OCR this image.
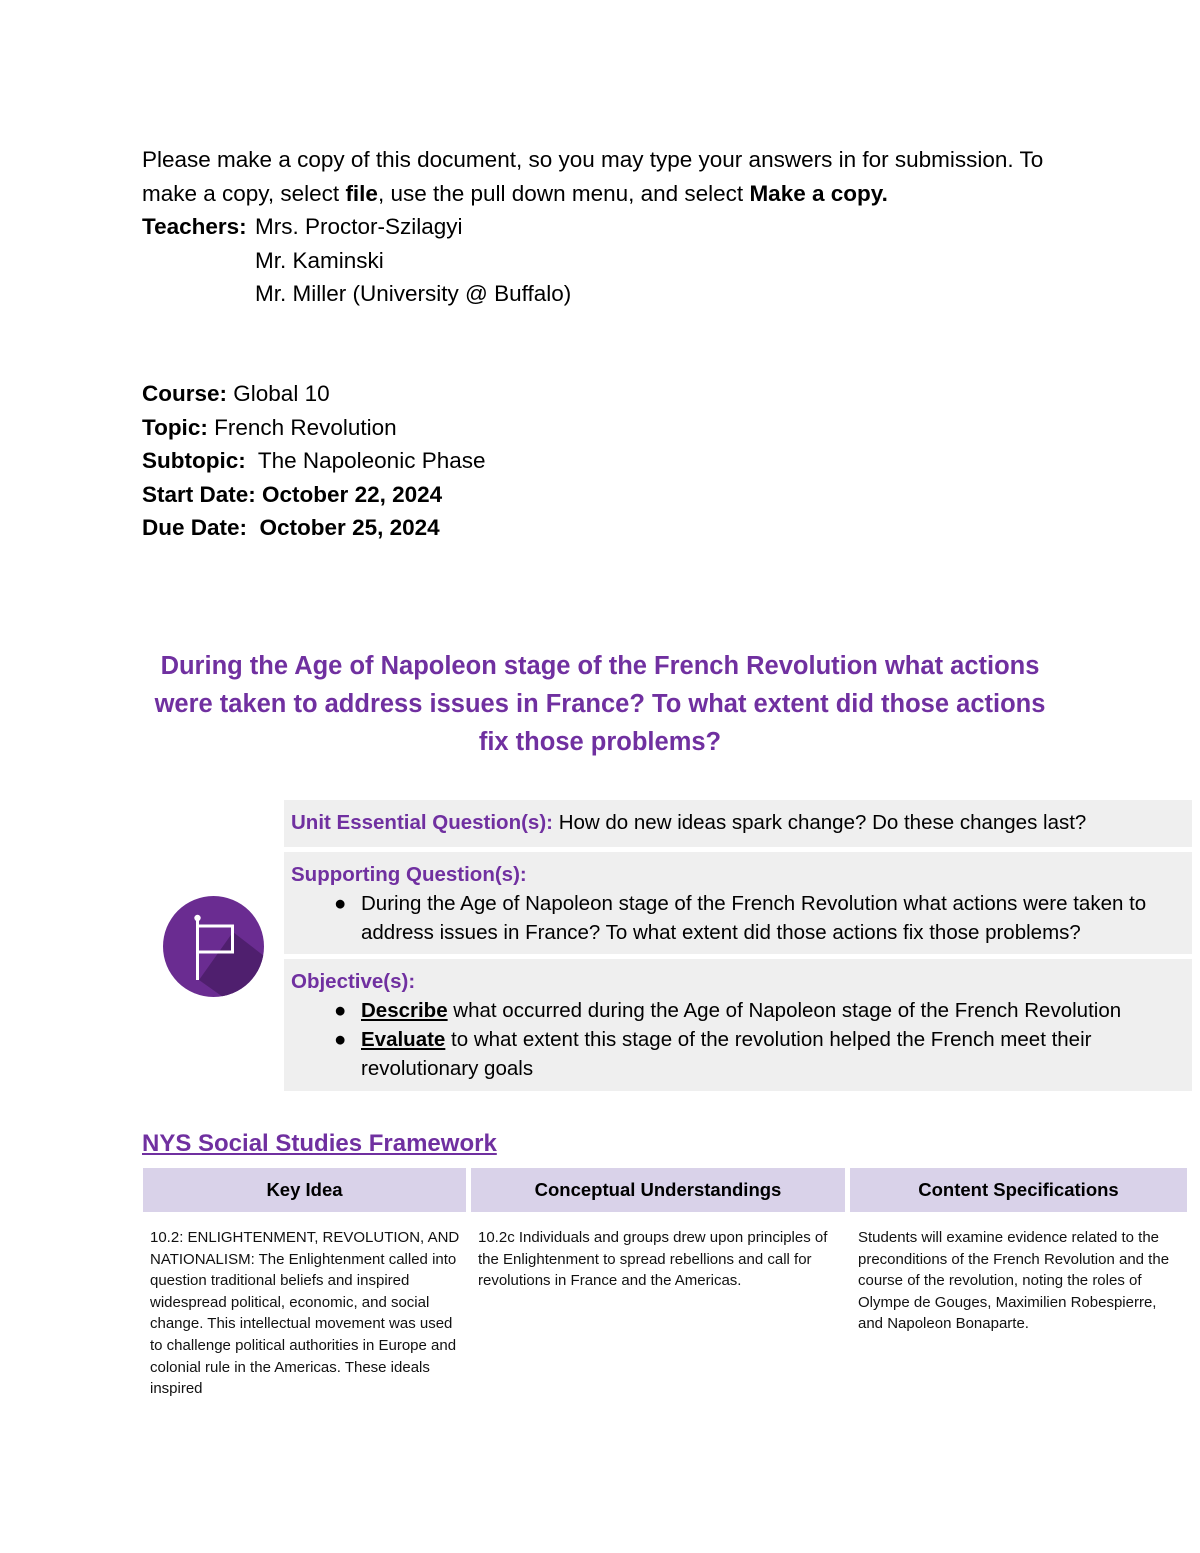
Please make a copy of this document, so you may type your answers in for submission. To make a copy, select file, use the pull down menu, and select Make a copy.

Teachers: Mrs. Proctor-Szilagyi

Mr. Kaminski

Mr. Miller (University @ Buffalo)

Course: Global 10

Topic: French Revolution

Subtopic: The Napoleonic Phase

Start Date: October 22, 2024

Due Date: October 25, 2024

During the Age of Napoleon stage of the French Revolution what actions were taken to address issues in France? To what extent did those actions fix those problems?
Unit Essential Question(s): How do new ideas spark change? Do these changes last?
Supporting Question(s):
● During the Age of Napoleon stage of the French Revolution what actions were taken to address issues in France? To what extent did those actions fix those problems?
Objective(s):
● Describe what occurred during the Age of Napoleon stage of the French Revolution
● Evaluate to what extent this stage of the revolution helped the French meet their revolutionary goals
NYS Social Studies Framework
Key Idea	Conceptual Understandings	Content Specifications
10.2: ENLIGHTENMENT, REVOLUTION, AND NATIONALISM: The Enlightenment called into question traditional beliefs and inspired widespread political, economic, and social change. This intellectual movement was used to challenge political authorities in Europe and colonial rule in the Americas. These ideals inspired
10.2c Individuals and groups drew upon principles of the Enlightenment to spread rebellions and call for revolutions in France and the Americas.
Students will examine evidence related to the preconditions of the French Revolution and the course of the revolution, noting the roles of Olympe de Gouges, Maximilien Robespierre, and Napoleon Bonaparte.
